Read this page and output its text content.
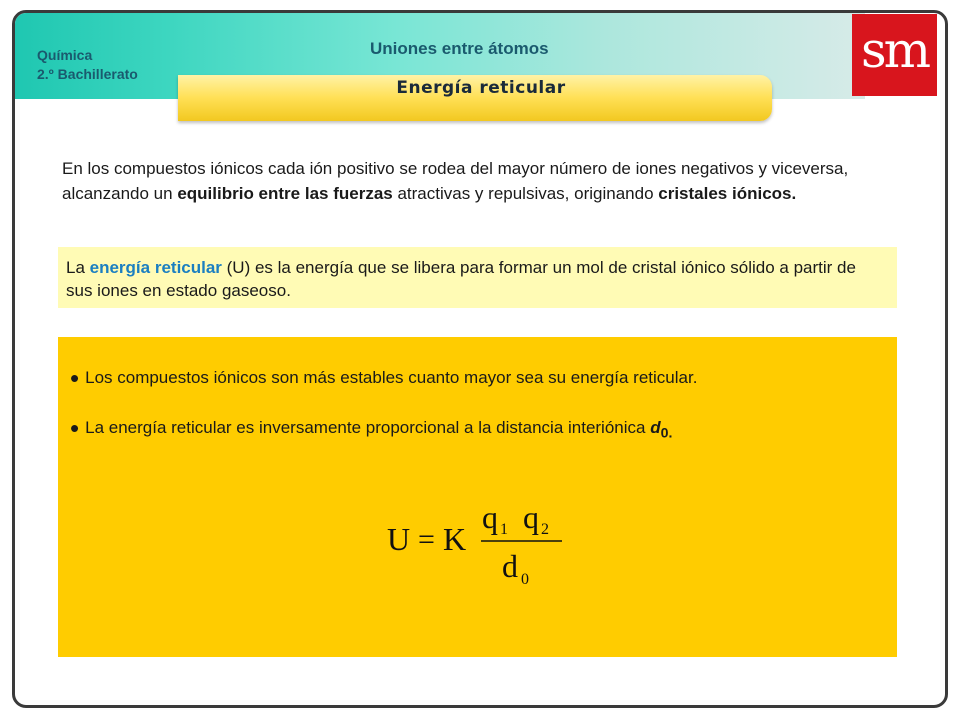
Química
2.º Bachillerato
Uniones entre átomos
Energía reticular
sm
En los compuestos iónicos cada ión positivo se rodea del mayor número de iones negativos y viceversa, alcanzando un equilibrio entre las fuerzas atractivas y repulsivas, originando cristales iónicos.
La energía reticular (U) es la energía que se libera para formar un mol de cristal iónico sólido a partir de sus iones en estado gaseoso.
• Los compuestos iónicos son más estables cuanto mayor sea su energía reticular.
• La energía reticular es inversamente proporcional a la distancia interiónica $d_{0.}$
U = K
q 1 q 2
d 0
